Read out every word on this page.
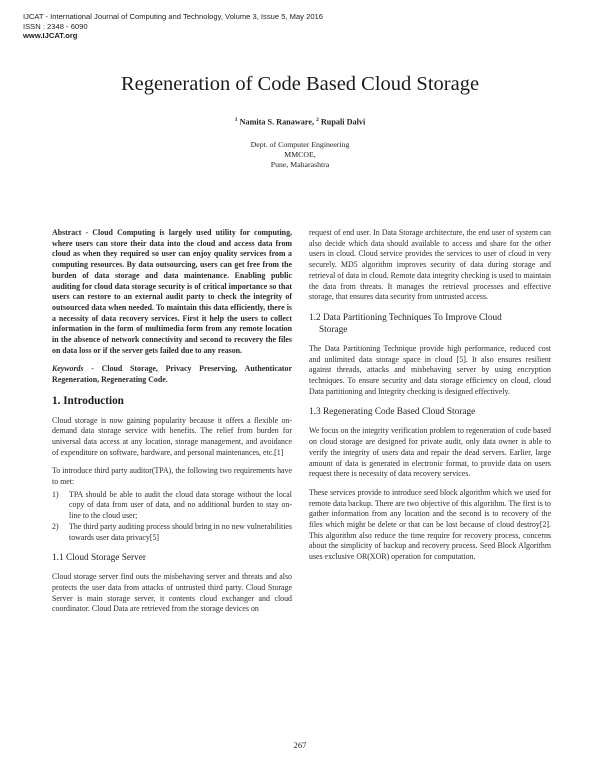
IJCAT - International Journal of Computing and Technology, Volume 3, Issue 5, May 2016
ISSN : 2348 - 6090
www.IJCAT.org
Regeneration of Code Based Cloud Storage
$^1$ Namita S. Ranaware, $^2$ Rupali Dalvi
Dept. of Computer Engineering
MMCOE,
Pune, Maharashtra

Abstract - Cloud Computing is largely used utility for computing, where users can store their data into the cloud and access data from cloud as when they required so user can enjoy quality services from a computing resources. By data outsourcing, users can get free from the burden of data storage and data maintenance. Enabling public auditing for cloud data storage security is of critical importance so that users can restore to an external audit party to check the integrity of outsourced data when needed. To maintain this data efficiently, there is a necessity of data recovery services. First it help the users to collect information in the form of multimedia form from any remote location in the absence of network connectivity and second to recovery the files on data loss or if the server gets failed due to any reason.

Keywords - Cloud Storage, Privacy Preserving, Authenticator Regeneration, Regenerating Code.

1. Introduction

Cloud storage is now gaining popularity because it offers a flexible on-demand data storage service with benefits. The relief from burden for universal data access at any location, storage management, and avoidance of expenditure on software, hardware, and personal maintenances, etc.[1]

To introduce third party auditor(TPA), the following two requirements have to met:

1) TPA should be able to audit the cloud data storage without the local copy of data from user of data, and no additional burden to stay on-line to the cloud user;
2) The third party auditing process should bring in no new vulnerabilities towards user data privacy[5]
1.1 Cloud Storage Server

Cloud storage server find outs the misbehaving server and threats and also protects the user data from attacks of untrusted third party. Cloud Storage Server is main storage server, it contents cloud exchanger and cloud coordinator. Cloud Data are retrieved from the storage devices on

request of end user. In Data Storage architecture, the end user of system can also decide which data should available to access and share for the other users in cloud. Cloud service provides the services to user of cloud in very securely. MD5 algorithm improves security of data during storage and retrieval of data in cloud. Remote data integrity checking is used to maintain the data from threats. It manages the retrieval processes and effective storage, that ensures data security from untrusted access.

1.2 Data Partitioning Techniques To Improve Cloud
Storage

The Data Partitioning Technique provide high performance, reduced cost and unlimited data storage space in cloud [5]. It also ensures resilient against threads, attacks and misbehaving server by using encryption techniques. To ensure security and data storage efficiency on cloud, cloud Data partitioning and Integrity checking is designed effectively.

1.3 Regenerating Code Based Cloud Storage

We focus on the integrity verification problem to regeneration of code based on cloud storage are designed for private audit, only data owner is able to verify the integrity of users data and repair the dead servers. Earlier, large amount of data is generated in electronic format, to provide data on users request there is necessity of data recovery services.

These services provide to introduce seed block algorithm which we used for remote data backup. There are two objective of this algorithm. The first is to gather information from any location and the second is to recovery of the files which might be delete or that can be lost because of cloud destroy[2]. This algorithm also reduce the time require for recovery process, concerns about the simplicity of backup and recovery process. Seed Block Algorithm uses exclusive OR(XOR) operation for computation.

267
